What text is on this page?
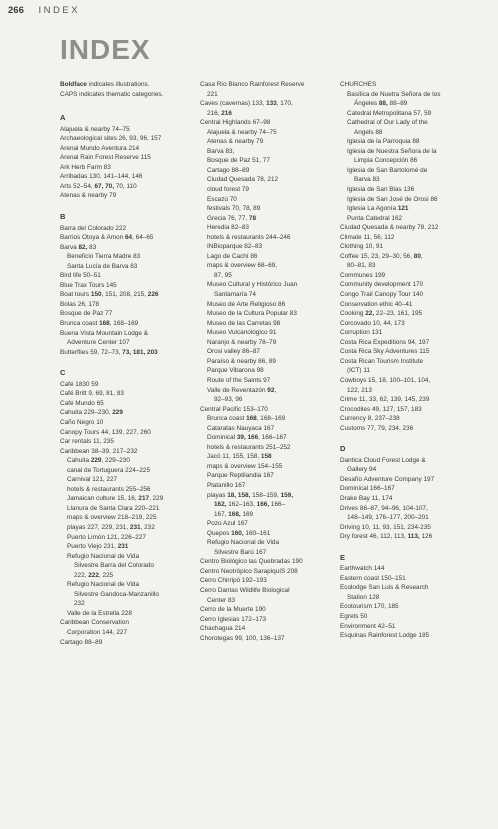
266 INDEX
INDEX
Boldface indicates illustrations.
CAPS indicates thematic categories.
A
Alajuela & nearby 74–75
Archaeological sites 26, 93, 96, 157
Arenal Mundo Aventura 214
Arenal Rain Forest Reserve 115
Ark Herb Farm 83
Arribadas 130, 141–144, 146
Arts 52–54, 67, 70, 70, 110
Atenas & nearby 79
B
Barra del Colorado 222
Barrios Otoya & Amon 64, 64–65
Barva 82, 83
Beneficio Tierra Madre 83
Santa Lucía de Barva 83
Bird life 50–51
Blue Trax Tours 145
Boat tours 150, 151, 208, 215, 226
Bolas 26, 178
Bosque de Paz 77
Brunca coast 168, 168–169
Buena Vista Mountain Lodge &
Adventure Center 107
Butterflies 59, 72–73, 73, 181, 203
C
Café 1830 59
Café Britt 9, 69, 81, 83
Café Mundo 65
Cahuita 229–230, 229
Caño Negro 10
Canopy Tours 44, 139, 227, 260
Car rentals 11, 235
Caribbean 38–39, 217–232
Cahuita 229, 229–230
canal de Tortuguera 224–225
Carnival 121, 227
hotels & restaurants 255–256
Jamaican culture 15, 16, 217, 229
Llanura de Santa Clara 220–221
maps & overview 218–219, 225
playas 227, 229, 231, 231, 232
Puerto Limón 121, 226–227
Puerto Viejo 231, 231
Refugio Nacional de Vida
Silvestre Barra del Colorado
222, 222, 225
Refugio Nacional de Vida
Silvestre Gandoca-Manzanillo
232
Valle de la Estrella 228
Caribbean Conservation
Corporation 144, 227
Cartago 88–89
Casa Río Blanco Rainforest Reserve
221
Caves (cavernas) 133, 133, 170,
216, 216
Central Highlands 67–98
Alajuela & nearby 74–75
Atenas & nearby 79
Barva 83,
Bosque de Paz 51, 77
Cartago 88–89
Ciudad Quesada 78, 212
cloud forest 79
Escazú 70
festivals 70, 78, 89
Grecia 76, 77, 78
Heredia 82–83
hotels & restaurants 244–246
INBioparque 82–83
Lago de Cachí 86
maps & overview 68–69,
87, 95
Museo Cultural y Histórico Juan
Santamaría 74
Museo de Arte Religioso 86
Museo de la Cultura Popular 83
Museo de las Carretas 98
Museo Vulcanológico 91
Naranjo & nearby 78–79
Orosi valley 86–87
Paraíso & nearby 86, 89
Parque Vibarona 98
Route of the Saints 97
Valle de Reventazón 92,
92–93, 96
Central Pacific 153–170
Brunca coast 168, 168–169
Cataratas Nauyaca 167
Dominical 39, 166, 166–167
hotels & restaurants 251–252
Jacó 11, 155, 158, 158
maps & overview 154–155
Parque Reptilandia 167
Platanillo 167
playas 18, 158, 158–159, 159,
162, 162–163, 166, 166–
167, 168, 169
Pozo Azul 167
Quepos 160, 160–161
Refugio Nacional de Vida
Silvestre Barú 167
Centro Biológico las Quebradas 190
Centro Neotrópico SarapiquíS 208
Cerro Chirripó 192–193
Cerro Dantas Wildlife Biological
Center 83
Cerro de la Muerte 190
Cerro Iglesias 172–173
Chachagua 214
Chorotegas 99, 100, 136–137
CHURCHES
Basílica de Nuetra Señora de los
Ángeles 88, 88–89
Catedral Metropolitana 57, 59
Cathedral of Our Lady of the
Angels 88
Iglesia de la Parroquia 88
Iglesia de Nuestra Señora de la
Limpia Concepción 86
Iglesia de San Bartolomé de
Barva 83
Iglesia de San Blas 136
Iglesia de San José de Orosi 86
Iglesia La Agonía 121
Punta Catedral 162
Ciudad Quesada & nearby 78, 212
Climate 11, 56, 112
Clothing 10, 91
Coffee 15, 23, 29–30, 56, 80,
80–81, 83
Communes 199
Community development 170
Congo Trail Canopy Tour 140
Conservation ethic 40–41
Cooking 22, 22–23, 161, 195
Corcovado 10, 44, 173
Corruption 131
Costa Rica Expeditions 94, 197
Costa Rica Sky Adventures 115
Costa Rican Tourism Institute
(ICT) 11
Cowboys 15, 18, 100–101, 104,
122, 213
Crime 11, 33, 62, 139, 145, 239
Crocodiles 49, 127, 157, 183
Currency 8, 237–238
Customs 77, 79, 234, 236
D
Dantica Cloud Forest Lodge &
Gallery 94
Desafío Adventure Company 197
Dominical 166–167
Drake Bay 11, 174
Drives 86–87, 94–96, 104-107,
148–149, 176–177, 200–201
Driving 10, 11, 93, 151, 234-235
Dry forest 46, 112, 113, 113, 126
E
Earthwatch 144
Eastern coast 150–151
Ecolodge San Luis & Research
Station 128
Ecotourism 170, 185
Egrets 50
Environment 42–51
Esquinas Rainforest Lodge 185
